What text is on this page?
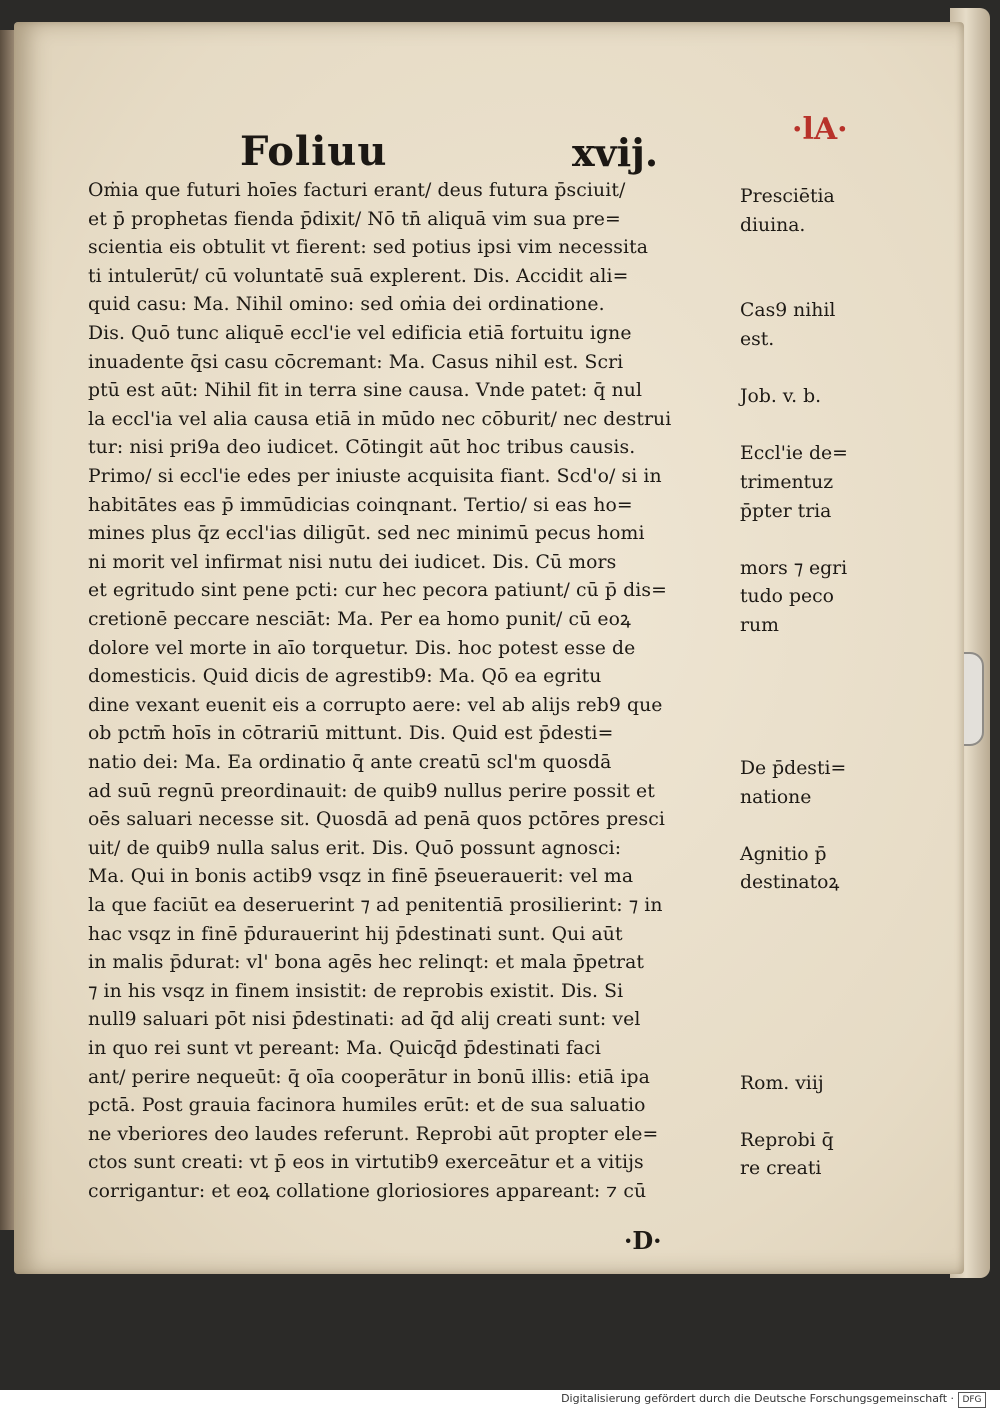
Foliuu	xvij.
·lA·
Oṁia que futuri hoīes facturi erant/ deus futura p̄sciuit/
et p̄ prophetas fienda p̄dixit/ Nō tn̄ aliquā vim sua pre=
scientia eis obtulit vt fierent: sed potius ipsi vim necessita
ti intulerūt/ cū voluntatē suā explerent. Dis. Accidit ali=
quid casu: Ma. Nihil omino: sed oṁia dei ordinatione.
Dis. Quō tunc aliquē eccl'ie vel edificia etiā fortuitu igne
inuadente q̄si casu cōcremant: Ma. Casus nihil est. Scri
ptū est aūt: Nihil fit in terra sine causa. Vnde patet: q̄ nul
la eccl'ia vel alia causa etiā in mūdo nec cōburit/ nec destrui
tur: nisi pri9a deo iudicet. Cōtingit aūt hoc tribus causis.
Primo/ si eccl'ie edes per iniuste acquisita fiant. Scd'o/ si in
habitātes eas p̄ immūdicias coinqnant. Tertio/ si eas ho=
mines plus q̄z eccl'ias diligūt. sed nec minimū pecus homi
ni morit vel infirmat nisi nutu dei iudicet. Dis. Cū mors
et egritudo sint pene pcti: cur hec pecora patiunt/ cū p̄ dis=
cretionē peccare nesciāt: Ma. Per ea homo punit/ cū eoꝝ
dolore vel morte in aīo torquetur. Dis. hoc potest esse de
domesticis. Quid dicis de agrestib9: Ma. Qō ea egritu
dine vexant euenit eis a corrupto aere: vel ab alijs reb9 que
ob pctm̄ hoīs in cōtrariū mittunt. Dis. Quid est p̄desti=
natio dei: Ma. Ea ordinatio q̄ ante creatū scl'm quosdā
ad suū regnū preordinauit: de quib9 nullus perire possit et
oēs saluari necesse sit. Quosdā ad penā quos pctōres presci
uit/ de quib9 nulla salus erit. Dis. Quō possunt agnosci:
Ma. Qui in bonis actib9 vsqz in finē p̄seuerauerit: vel ma
la que faciūt ea deseruerint ⁊ ad penitentiā prosilierint: ⁊ in
hac vsqz in finē p̄durauerint hij p̄destinati sunt. Qui aūt
in malis p̄durat: vl' bona agēs hec relinqt: et mala p̄petrat
⁊ in his vsqz in finem insistit: de reprobis existit. Dis. Si
null9 saluari pōt nisi p̄destinati: ad q̄d alij creati sunt: vel
in quo rei sunt vt pereant: Ma. Quicq̄d p̄destinati faci
ant/ perire nequeūt: q̄ oīa cooperātur in bonū illis: etiā ipa
pctā. Post grauia facinora humiles erūt: et de sua saluatio
ne vberiores deo laudes referunt. Reprobi aūt propter ele=
ctos sunt creati: vt p̄ eos in virtutib9 exerceātur et a vitijs
corrigantur: et eoꝝ collatione gloriosiores appareant: ⁊ cū
Presciētia
diuina.
Cas9 nihil
est.
Job. v. b.
Eccl'ie de=
trimentuz
p̄pter tria
mors ⁊ egri
tudo peco
rum
De p̄desti=
natione
Agnitio p̄
destinatoꝝ
Rom. viij
Reprobi q̄
re creati
·D·
Digitalisierung gefördert durch die Deutsche Forschungsgemeinschaft · DFG
